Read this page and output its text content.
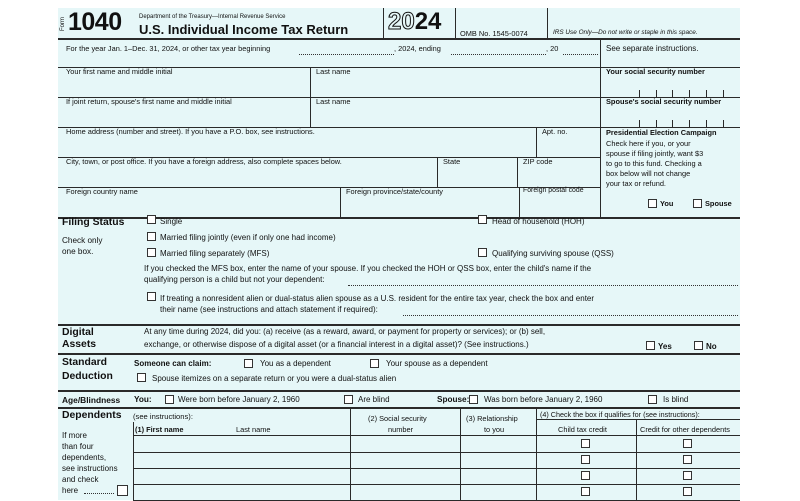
Form 1040	Department of the Treasury—Internal Revenue Service
U.S. Individual Income Tax Return 2024	OMB No. 1545-0074	IRS Use Only—Do not write or staple in this space.
For the year Jan. 1–Dec. 31, 2024, or other tax year beginning	, 2024, ending	, 20	See separate instructions.
Your first name and middle initial	Last name	Your social security number
If joint return, spouse's first name and middle initial	Last name	Spouse's social security number
Home address (number and street). If you have a P.O. box, see instructions.	Apt. no.
City, town, or post office. If you have a foreign address, also complete spaces below.	State	ZIP code
Foreign country name	Foreign province/state/county	Foreign postal code
Presidential Election Campaign
Check here if you, or your
spouse if filing jointly, want $3
to go to this fund. Checking a
box below will not change
your tax or refund.
You	Spouse
Filing Status
Check only
one box.
Single
Married filing jointly (even if only one had income)
Married filing separately (MFS)
Head of household (HOH)
Qualifying surviving spouse (QSS)
If you checked the MFS box, enter the name of your spouse. If you checked the HOH or QSS box, enter the child's name if the
qualifying person is a child but not your dependent:
If treating a nonresident alien or dual-status alien spouse as a U.S. resident for the entire tax year, check the box and enter
their name (see instructions and attach statement if required):
Digital
Assets
At any time during 2024, did you: (a) receive (as a reward, award, or payment for property or services); or (b) sell,
exchange, or otherwise dispose of a digital asset (or a financial interest in a digital asset)? (See instructions.)	Yes	No
Standard
Deduction
Someone can claim:	You as a dependent	Your spouse as a dependent
Spouse itemizes on a separate return or you were a dual-status alien
Age/Blindness You:	Were born before January 2, 1960	Are blind	Spouse: Was born before January 2, 1960	Is blind
Dependents (see instructions):
If more
than four
dependents,
see instructions
and check
here
(1) First name	Last name
(2) Social security
number
(3) Relationship
to you
(4) Check the box if qualifies for (see instructions):
Child tax credit	Credit for other dependents
